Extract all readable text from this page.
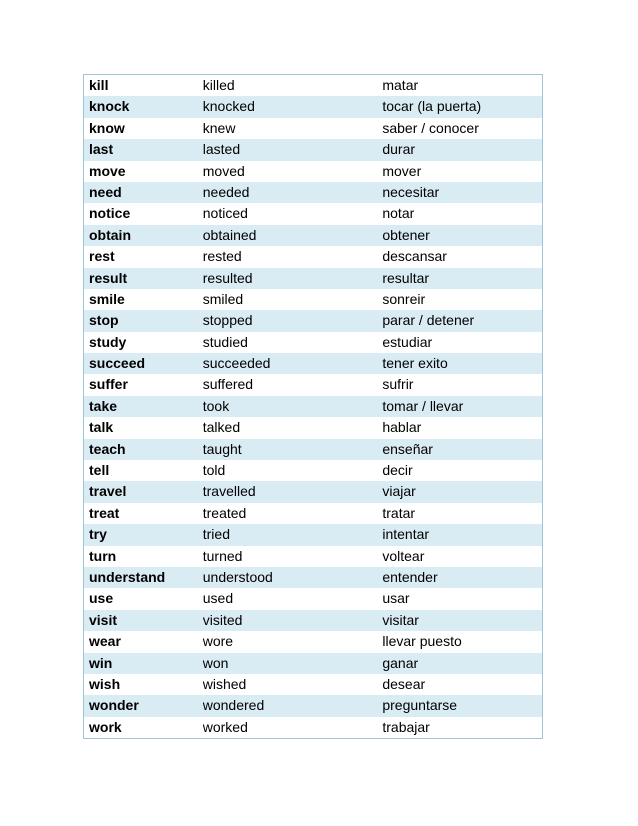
kill	killed	matar
knock	knocked	tocar (la puerta)
know	knew	saber / conocer
last	lasted	durar
move	moved	mover
need	needed	necesitar
notice	noticed	notar
obtain	obtained	obtener
rest	rested	descansar
result	resulted	resultar
smile	smiled	sonreir
stop	stopped	parar / detener
study	studied	estudiar
succeed	succeeded	tener exito
suffer	suffered	sufrir
take	took	tomar / llevar
talk	talked	hablar
teach	taught	enseñar
tell	told	decir
travel	travelled	viajar
treat	treated	tratar
try	tried	intentar
turn	turned	voltear
understand	understood	entender
use	used	usar
visit	visited	visitar
wear	wore	llevar puesto
win	won	ganar
wish	wished	desear
wonder	wondered	preguntarse
work	worked	trabajar
